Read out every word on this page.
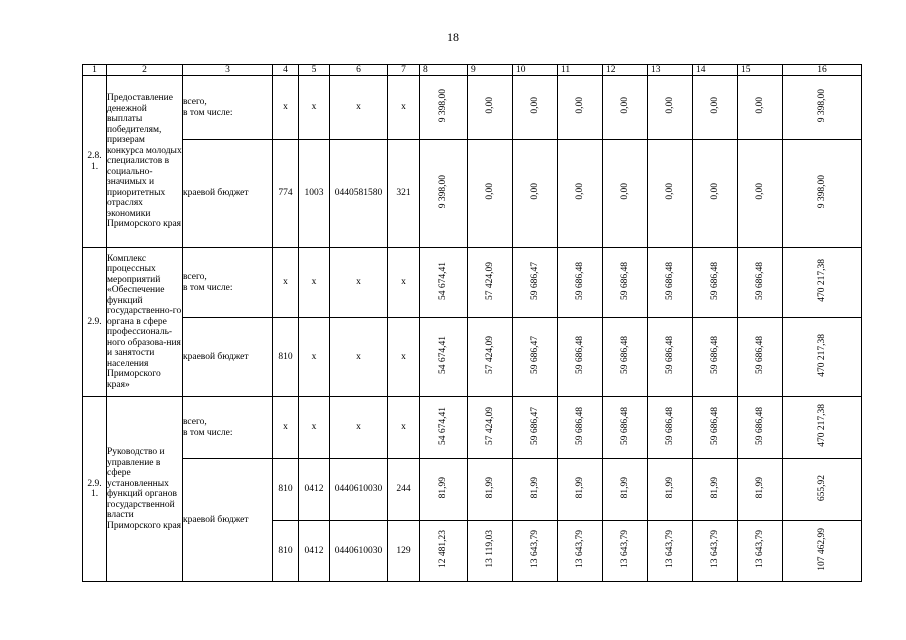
18
1	2	3	4	5	6	7	8	9	10	11	12	13	14	15	16
2.8.
1.	Предоставление денежной выплаты победителям, призерам конкурса молодых специалистов в социально-значимых и приоритетных отраслях экономики Приморского края	всего,
в том числе:	x	x	x	x	9 398,00	0,00	0,00	0,00	0,00	0,00	0,00	0,00	9 398,00
		краевой бюджет	774	1003	0440581580	321	9 398,00	0,00	0,00	0,00	0,00	0,00	0,00	0,00	9 398,00
2.9.	Комплекс процессных мероприятий «Обеспечение функций государственно-го органа в сфере профессиональ-ного образова-ния и занятости населения Приморского края»	всего,
в том числе:	x	x	x	x	54 674,41	57 424,09	59 686,47	59 686,48	59 686,48	59 686,48	59 686,48	59 686,48	470 217,38
		краевой бюджет	810	x	x	x	54 674,41	57 424,09	59 686,47	59 686,48	59 686,48	59 686,48	59 686,48	59 686,48	470 217,38
2.9.
1.	Руководство и управление в сфере установленных функций органов государственной власти Приморского края	всего,
в том числе:	x	x	x	x	54 674,41	57 424,09	59 686,47	59 686,48	59 686,48	59 686,48	59 686,48	59 686,48	470 217,38
		краевой бюджет	810	0412	0440610030	244	81,99	81,99	81,99	81,99	81,99	81,99	81,99	81,99	655,92
			810	0412	0440610030	129	12 481,23	13 119,03	13 643,79	13 643,79	13 643,79	13 643,79	13 643,79	13 643,79	107 462,99
